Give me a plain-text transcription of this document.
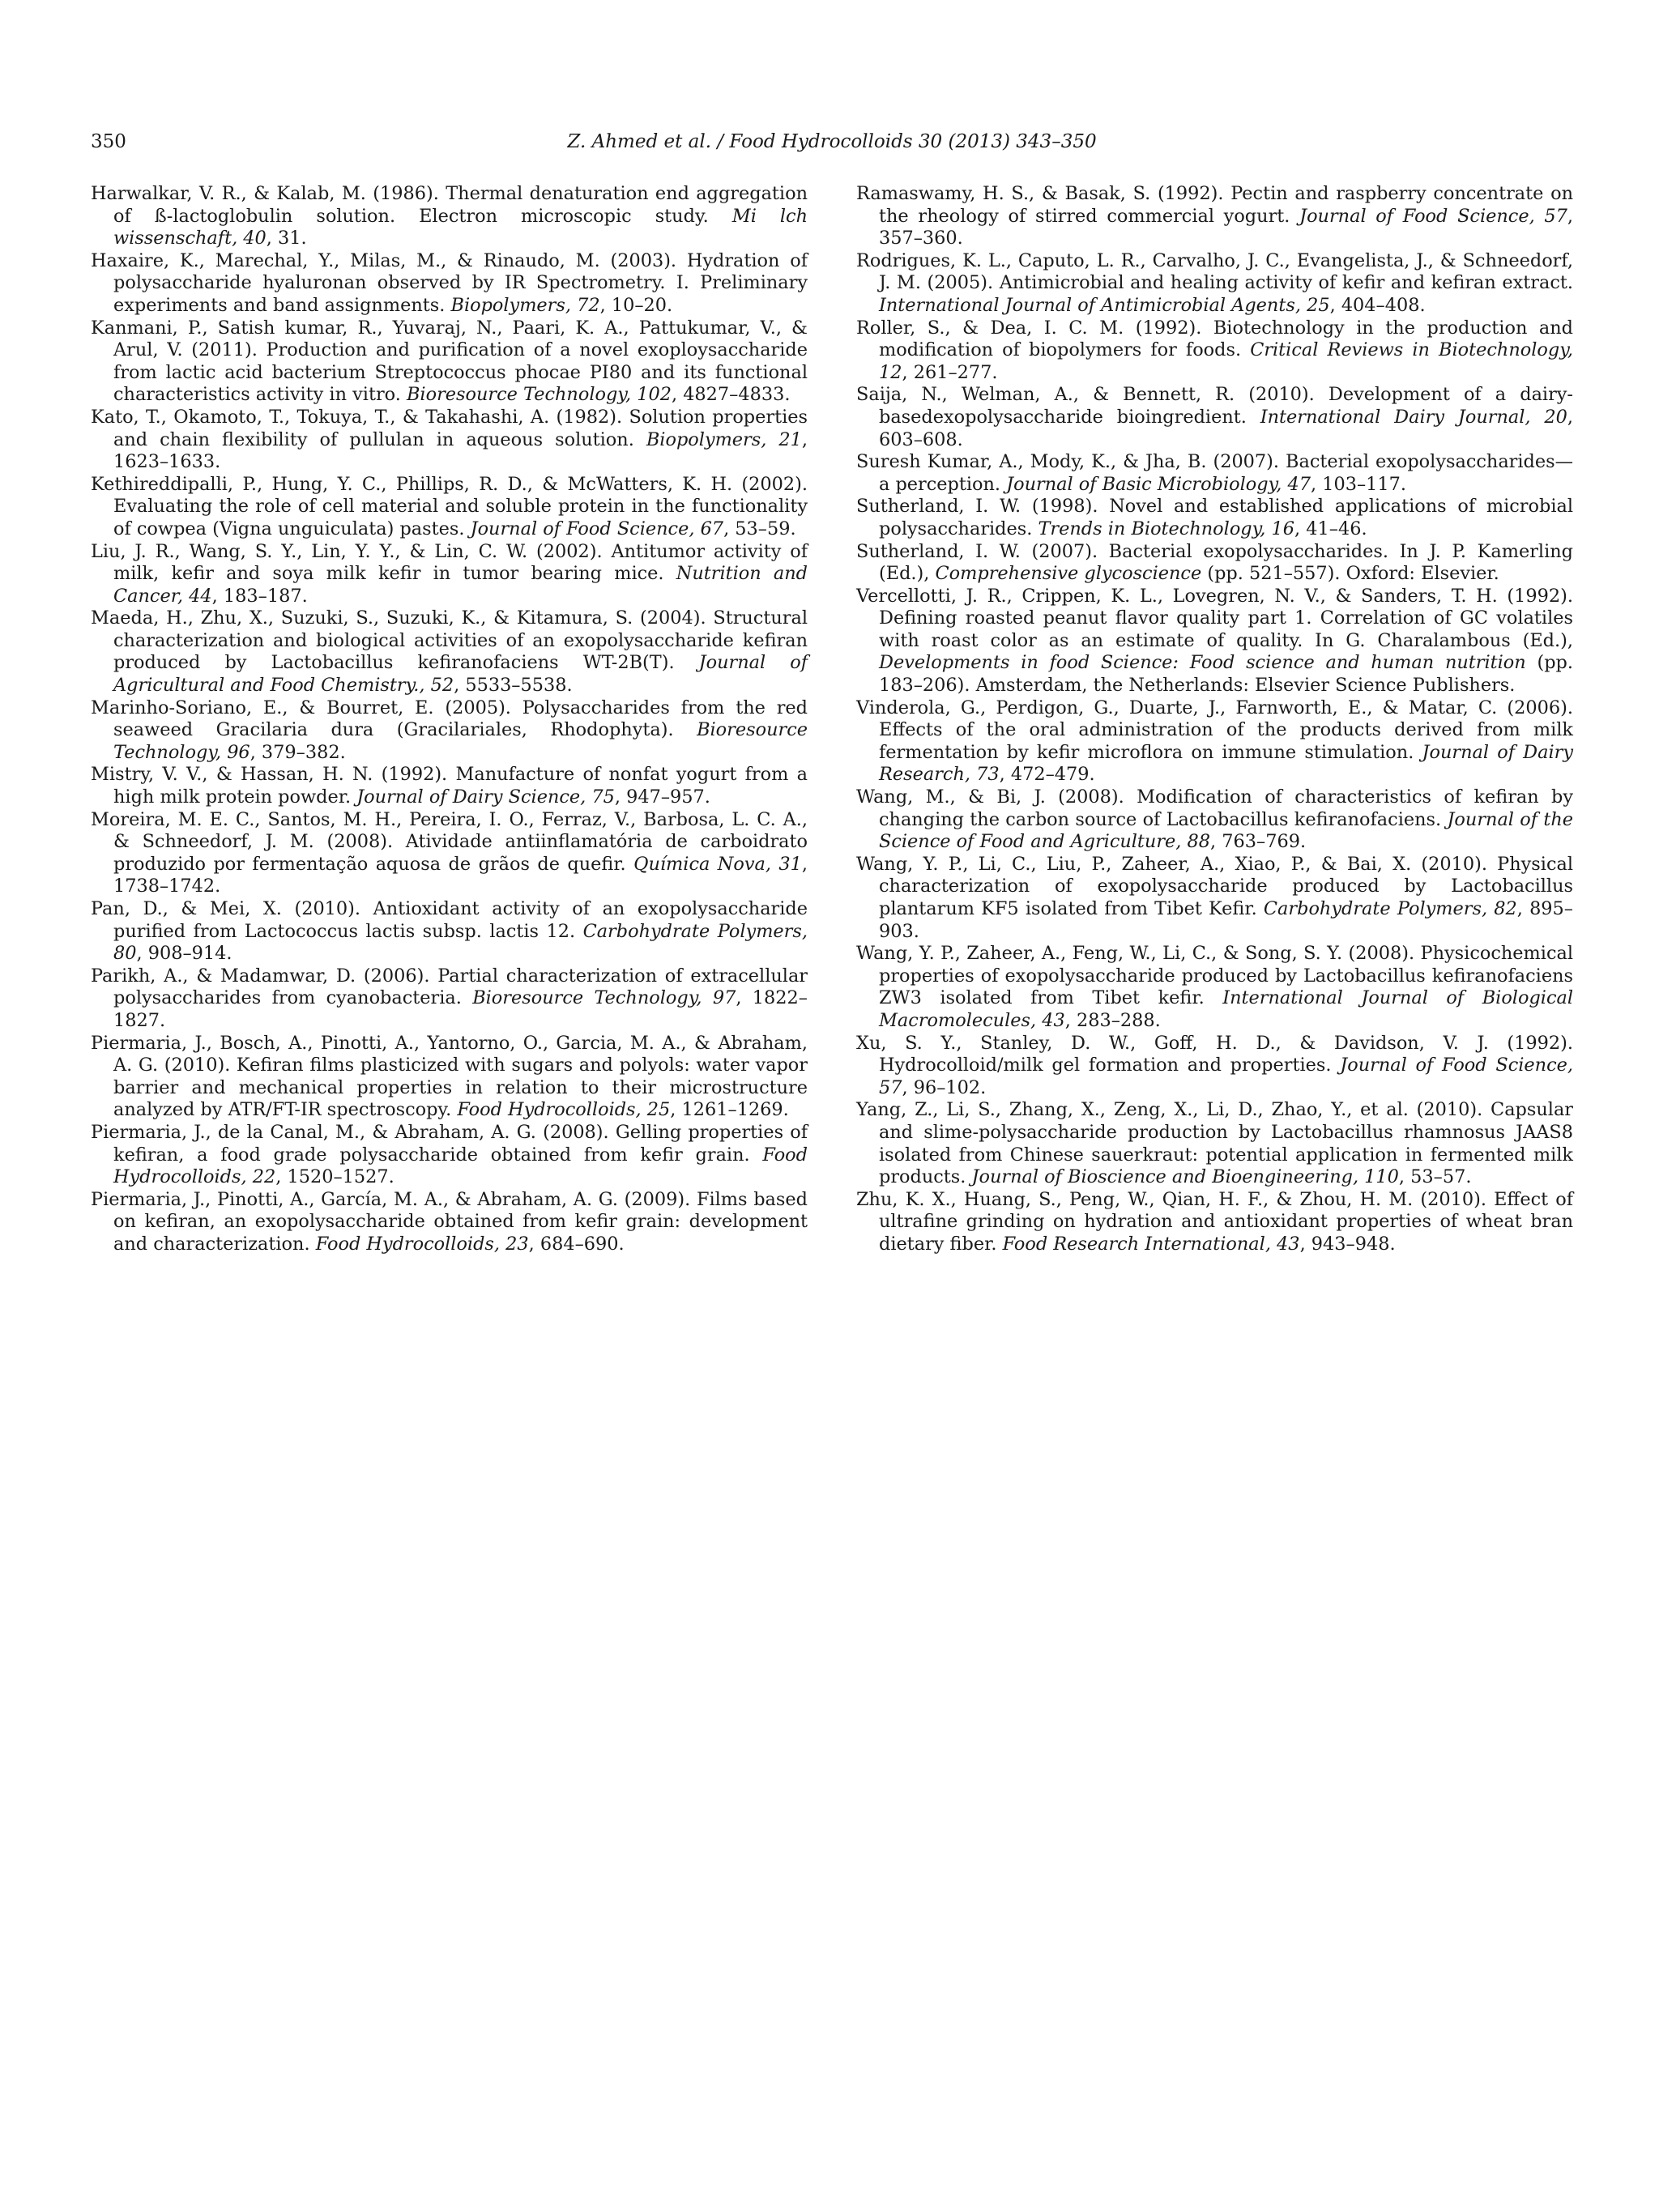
350	Z. Ahmed et al. / Food Hydrocolloids 30 (2013) 343–350

Harwalkar, V. R., & Kalab, M. (1986). Thermal denaturation end aggregation of ß-lactoglobulin solution. Electron microscopic study. Mi lch wissenschaft, 40, 31.

Haxaire, K., Marechal, Y., Milas, M., & Rinaudo, M. (2003). Hydration of polysaccharide hyaluronan observed by IR Spectrometry. I. Preliminary experiments and band assignments. Biopolymers, 72, 10–20.

Kanmani, P., Satish kumar, R., Yuvaraj, N., Paari, K. A., Pattukumar, V., & Arul, V. (2011). Production and purification of a novel exoploysaccharide from lactic acid bacterium Streptococcus phocae PI80 and its functional characteristics activity in vitro. Bioresource Technology, 102, 4827–4833.

Kato, T., Okamoto, T., Tokuya, T., & Takahashi, A. (1982). Solution properties and chain flexibility of pullulan in aqueous solution. Biopolymers, 21, 1623–1633.

Kethireddipalli, P., Hung, Y. C., Phillips, R. D., & McWatters, K. H. (2002). Evaluating the role of cell material and soluble protein in the functionality of cowpea (Vigna unguiculata) pastes. Journal of Food Science, 67, 53–59.

Liu, J. R., Wang, S. Y., Lin, Y. Y., & Lin, C. W. (2002). Antitumor activity of milk, kefir and soya milk kefir in tumor bearing mice. Nutrition and Cancer, 44, 183–187.

Maeda, H., Zhu, X., Suzuki, S., Suzuki, K., & Kitamura, S. (2004). Structural characterization and biological activities of an exopolysaccharide kefiran produced by Lactobacillus kefiranofaciens WT-2B(T). Journal of Agricultural and Food Chemistry., 52, 5533–5538.

Marinho-Soriano, E., & Bourret, E. (2005). Polysaccharides from the red seaweed Gracilaria dura (Gracilariales, Rhodophyta). Bioresource Technology, 96, 379–382.

Mistry, V. V., & Hassan, H. N. (1992). Manufacture of nonfat yogurt from a high milk protein powder. Journal of Dairy Science, 75, 947–957.

Moreira, M. E. C., Santos, M. H., Pereira, I. O., Ferraz, V., Barbosa, L. C. A., & Schneedorf, J. M. (2008). Atividade antiinflamatória de carboidrato produzido por fermentação aquosa de grãos de quefir. Química Nova, 31, 1738–1742.

Pan, D., & Mei, X. (2010). Antioxidant activity of an exopolysaccharide purified from Lactococcus lactis subsp. lactis 12. Carbohydrate Polymers, 80, 908–914.

Parikh, A., & Madamwar, D. (2006). Partial characterization of extracellular polysaccharides from cyanobacteria. Bioresource Technology, 97, 1822–1827.

Piermaria, J., Bosch, A., Pinotti, A., Yantorno, O., Garcia, M. A., & Abraham, A. G. (2010). Kefiran films plasticized with sugars and polyols: water vapor barrier and mechanical properties in relation to their microstructure analyzed by ATR/FT-IR spectroscopy. Food Hydrocolloids, 25, 1261–1269.

Piermaria, J., de la Canal, M., & Abraham, A. G. (2008). Gelling properties of kefiran, a food grade polysaccharide obtained from kefir grain. Food Hydrocolloids, 22, 1520–1527.

Piermaria, J., Pinotti, A., García, M. A., & Abraham, A. G. (2009). Films based on kefiran, an exopolysaccharide obtained from kefir grain: development and characterization. Food Hydrocolloids, 23, 684–690.

Ramaswamy, H. S., & Basak, S. (1992). Pectin and raspberry concentrate on the rheology of stirred commercial yogurt. Journal of Food Science, 57, 357–360.

Rodrigues, K. L., Caputo, L. R., Carvalho, J. C., Evangelista, J., & Schneedorf, J. M. (2005). Antimicrobial and healing activity of kefir and kefiran extract. International Journal of Antimicrobial Agents, 25, 404–408.

Roller, S., & Dea, I. C. M. (1992). Biotechnology in the production and modification of biopolymers for foods. Critical Reviews in Biotechnology, 12, 261–277.

Saija, N., Welman, A., & Bennett, R. (2010). Development of a dairy-basedexopolysaccharide bioingredient. International Dairy Journal, 20, 603–608.

Suresh Kumar, A., Mody, K., & Jha, B. (2007). Bacterial exopolysaccharides—a perception. Journal of Basic Microbiology, 47, 103–117.

Sutherland, I. W. (1998). Novel and established applications of microbial polysaccharides. Trends in Biotechnology, 16, 41–46.

Sutherland, I. W. (2007). Bacterial exopolysaccharides. In J. P. Kamerling (Ed.), Comprehensive glycoscience (pp. 521–557). Oxford: Elsevier.

Vercellotti, J. R., Crippen, K. L., Lovegren, N. V., & Sanders, T. H. (1992). Defining roasted peanut flavor quality part 1. Correlation of GC volatiles with roast color as an estimate of quality. In G. Charalambous (Ed.), Developments in food Science: Food science and human nutrition (pp. 183–206). Amsterdam, the Netherlands: Elsevier Science Publishers.

Vinderola, G., Perdigon, G., Duarte, J., Farnworth, E., & Matar, C. (2006). Effects of the oral administration of the products derived from milk fermentation by kefir microflora on immune stimulation. Journal of Dairy Research, 73, 472–479.

Wang, M., & Bi, J. (2008). Modification of characteristics of kefiran by changing the carbon source of Lactobacillus kefiranofaciens. Journal of the Science of Food and Agriculture, 88, 763–769.

Wang, Y. P., Li, C., Liu, P., Zaheer, A., Xiao, P., & Bai, X. (2010). Physical characterization of exopolysaccharide produced by Lactobacillus plantarum KF5 isolated from Tibet Kefir. Carbohydrate Polymers, 82, 895–903.

Wang, Y. P., Zaheer, A., Feng, W., Li, C., & Song, S. Y. (2008). Physicochemical properties of exopolysaccharide produced by Lactobacillus kefiranofaciens ZW3 isolated from Tibet kefir. International Journal of Biological Macromolecules, 43, 283–288.

Xu, S. Y., Stanley, D. W., Goff, H. D., & Davidson, V. J. (1992). Hydrocolloid/milk gel formation and properties. Journal of Food Science, 57, 96–102.

Yang, Z., Li, S., Zhang, X., Zeng, X., Li, D., Zhao, Y., et al. (2010). Capsular and slime-polysaccharide production by Lactobacillus rhamnosus JAAS8 isolated from Chinese sauerkraut: potential application in fermented milk products. Journal of Bioscience and Bioengineering, 110, 53–57.

Zhu, K. X., Huang, S., Peng, W., Qian, H. F., & Zhou, H. M. (2010). Effect of ultrafine grinding on hydration and antioxidant properties of wheat bran dietary fiber. Food Research International, 43, 943–948.
